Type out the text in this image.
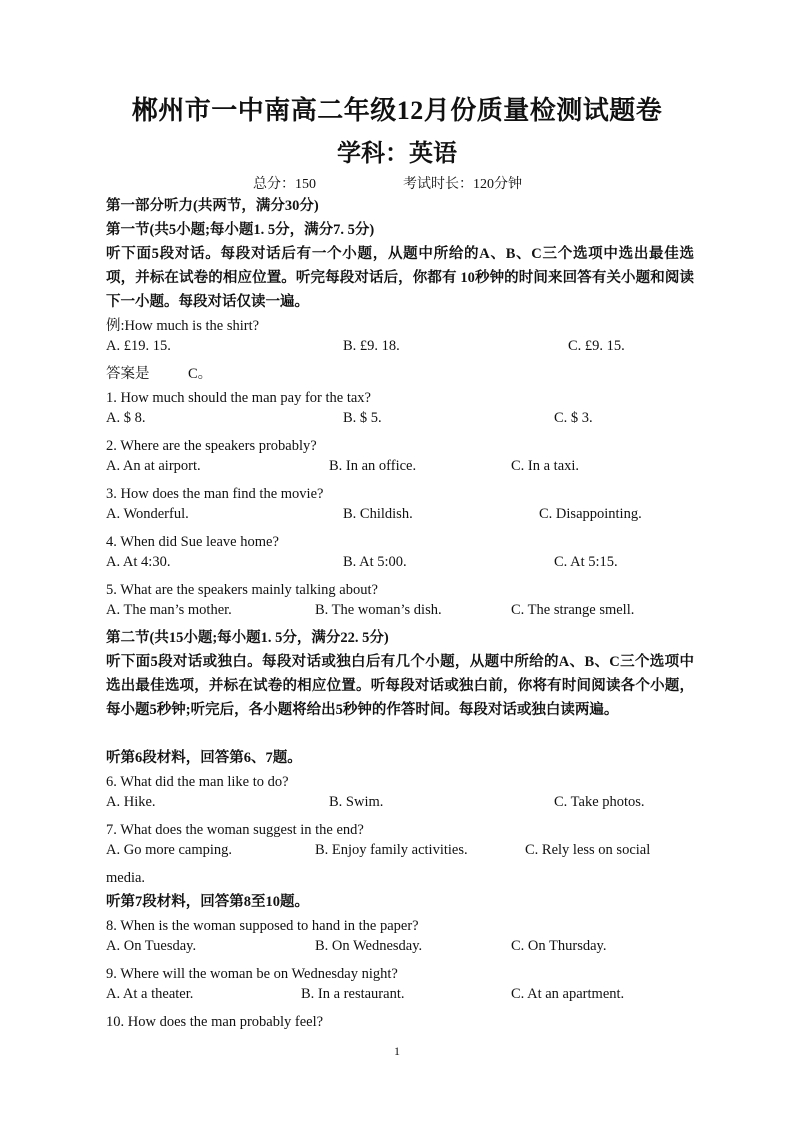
郴州市一中南高二年级12月份质量检测试题卷
学科：英语
总分：150	考试时长：120分钟
第一部分听力(共两节，满分30分)
第一节(共5小题;每小题1. 5分，满分7. 5分)
听下面5段对话。每段对话后有一个小题，从题中所给的A、B、C三个选项中选出最佳选项，并标在试卷的相应位置。听完每段对话后，你都有 10秒钟的时间来回答有关小题和阅读下一小题。每段对话仅读一遍。
例:How much is the shirt?
A. £19. 15.	B. £9. 18.	C. £9. 15.
答案是	C。
1. How much should the man pay for the tax?
A. $ 8.	B. $ 5.	C. $ 3.
2. Where are the speakers probably?
A. An at airport.	B. In an office.	C. In a taxi.
3. How does the man find the movie?
A. Wonderful.	B. Childish.	C. Disappointing.
4. When did Sue leave home?
A. At 4:30.	B. At 5:00.	C. At 5:15.
5. What are the speakers mainly talking about?
A. The man’s mother.	B. The woman’s dish.	C. The strange smell.
第二节(共15小题;每小题1. 5分，满分22. 5分)
听下面5段对话或独白。每段对话或独白后有几个小题，从题中所给的A、B、C三个选项中选出最佳选项，并标在试卷的相应位置。听每段对话或独白前，你将有时间阅读各个小题，每小题5秒钟;听完后，各小题将给出5秒钟的作答时间。每段对话或独白读两遍。
听第6段材料，回答第6、7题。
6. What did the man like to do?
A. Hike.	B. Swim.	C. Take photos.
7. What does the woman suggest in the end?
A. Go more camping.	B. Enjoy family activities.	C. Rely less on social
media.
听第7段材料，回答第8至10题。
8. When is the woman supposed to hand in the paper?
A. On Tuesday.	B. On Wednesday.	C. On Thursday.
9. Where will the woman be on Wednesday night?
A. At a theater.	B. In a restaurant.	C. At an apartment.
10. How does the man probably feel?
1
